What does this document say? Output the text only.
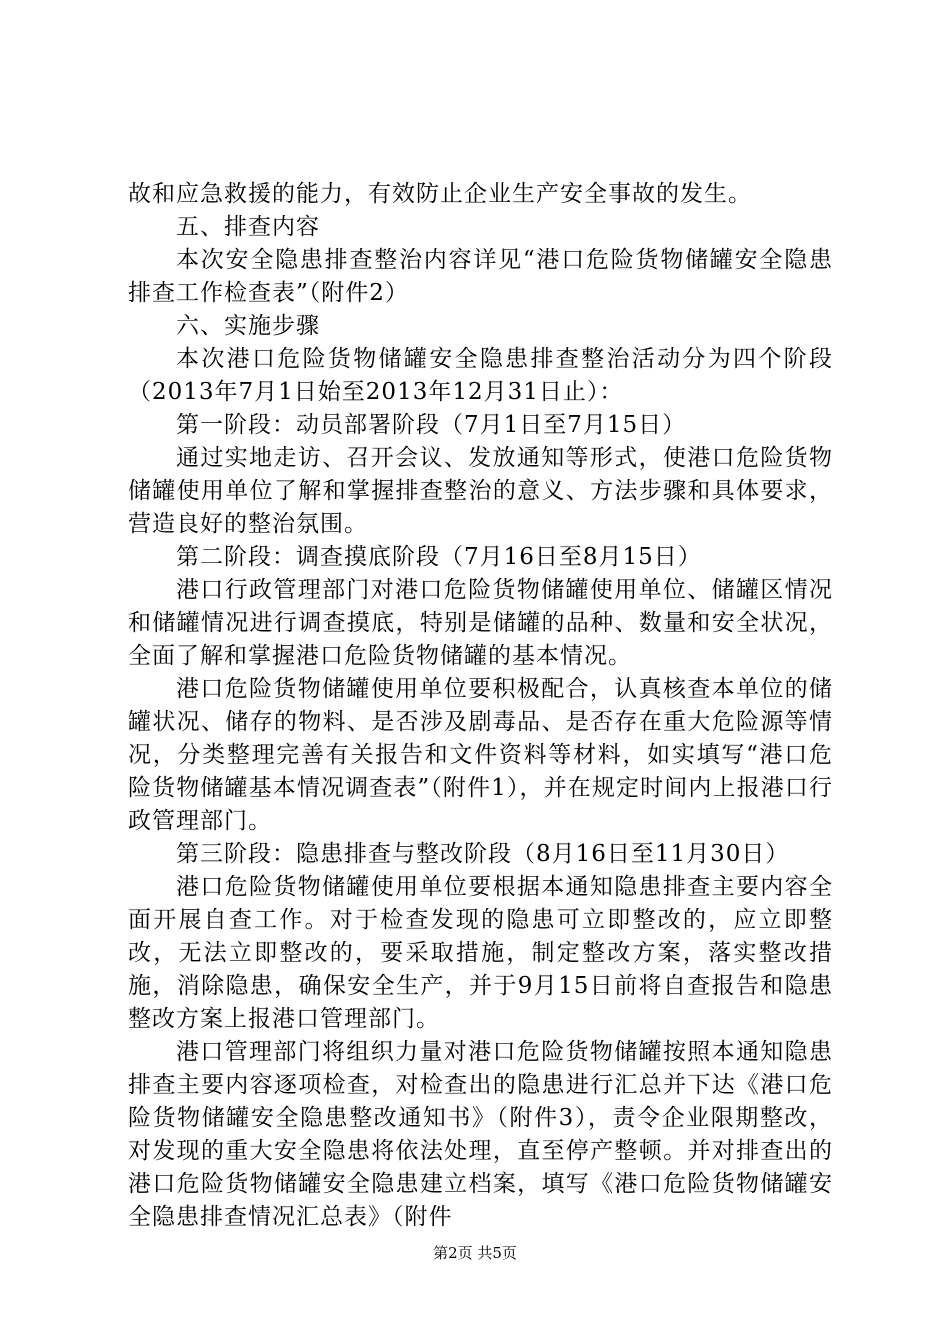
故和应急救援的能力，有效防止企业生产安全事故的发生。

五、排查内容

本次安全隐患排查整治内容详见“港口危险货物储罐安全隐患排查工作检查表”（附件2）

六、实施步骤

本次港口危险货物储罐安全隐患排查整治活动分为四个阶段（2013年7月1日始至2013年12月31日止）：

第一阶段：动员部署阶段（7月1日至7月15日）

通过实地走访、召开会议、发放通知等形式，使港口危险货物储罐使用单位了解和掌握排查整治的意义、方法步骤和具体要求，营造良好的整治氛围。

第二阶段：调查摸底阶段（7月16日至8月15日）

港口行政管理部门对港口危险货物储罐使用单位、储罐区情况和储罐情况进行调查摸底，特别是储罐的品种、数量和安全状况，全面了解和掌握港口危险货物储罐的基本情况。

港口危险货物储罐使用单位要积极配合，认真核查本单位的储罐状况、储存的物料、是否涉及剧毒品、是否存在重大危险源等情况，分类整理完善有关报告和文件资料等材料，如实填写“港口危险货物储罐基本情况调查表”（附件1），并在规定时间内上报港口行政管理部门。

第三阶段：隐患排查与整改阶段（8月16日至11月30日）

港口危险货物储罐使用单位要根据本通知隐患排查主要内容全面开展自查工作。对于检查发现的隐患可立即整改的，应立即整改，无法立即整改的，要采取措施，制定整改方案，落实整改措施，消除隐患，确保安全生产，并于9月15日前将自查报告和隐患整改方案上报港口管理部门。

港口管理部门将组织力量对港口危险货物储罐按照本通知隐患排查主要内容逐项检查，对检查出的隐患进行汇总并下达《港口危险货物储罐安全隐患整改通知书》（附件3），责令企业限期整改，对发现的重大安全隐患将依法处理，直至停产整顿。并对排查出的港口危险货物储罐安全隐患建立档案，填写《港口危险货物储罐安全隐患排查情况汇总表》（附件

第2页 共5页
